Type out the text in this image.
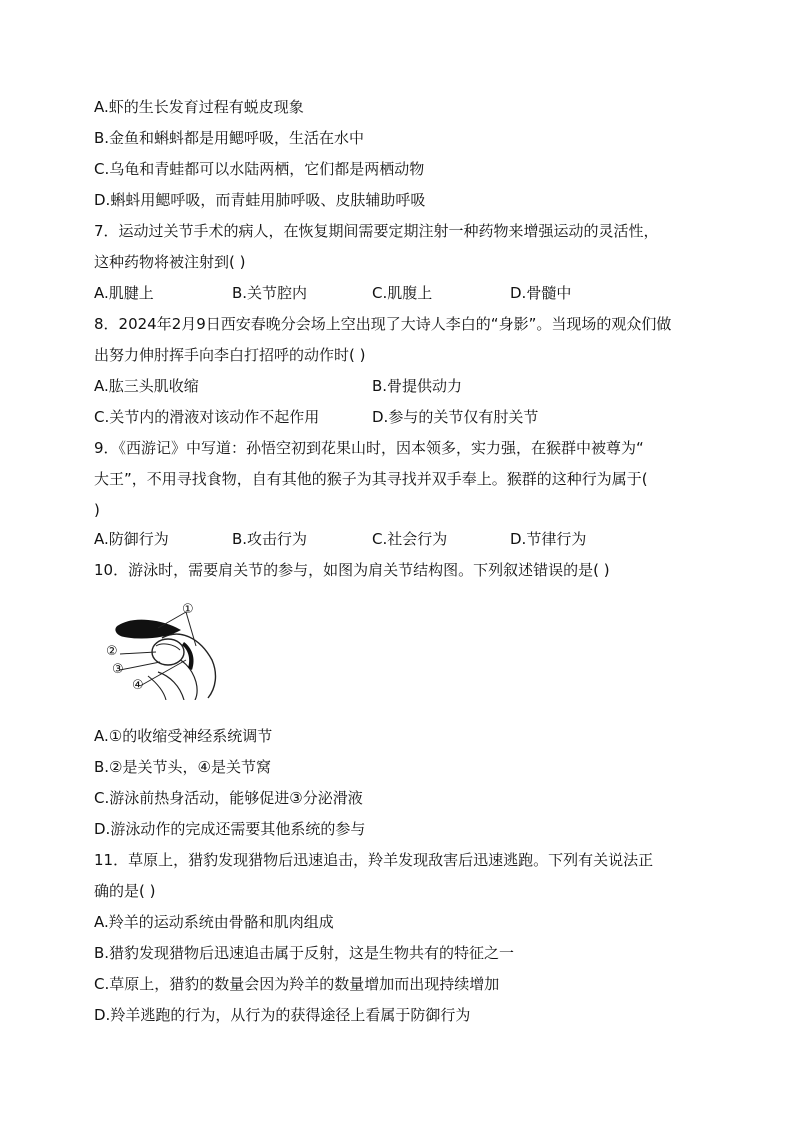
A.虾的生长发育过程有蜕皮现象
B.金鱼和蝌蚪都是用鳃呼吸，生活在水中
C.乌龟和青蛙都可以水陆两栖，它们都是两栖动物
D.蝌蚪用鳃呼吸，而青蛙用肺呼吸、皮肤辅助呼吸
7．运动过关节手术的病人，在恢复期间需要定期注射一种药物来增强运动的灵活性，
这种药物将被注射到( )
A.肌腱上	B.关节腔内	C.肌腹上	D.骨髓中
8．2024年2月9日西安春晚分会场上空出现了大诗人李白的“身影”。当现场的观众们做
出努力伸肘挥手向李白打招呼的动作时( )
A.肱三头肌收缩	B.骨提供动力
C.关节内的滑液对该动作不起作用	D.参与的关节仅有肘关节
9．《西游记》中写道：孙悟空初到花果山时，因本领多，实力强，在猴群中被尊为“
大王”，不用寻找食物，自有其他的猴子为其寻找并双手奉上。猴群的这种行为属于(
)
A.防御行为	B.攻击行为	C.社会行为	D.节律行为
10．游泳时，需要肩关节的参与，如图为肩关节结构图。下列叙述错误的是( )
①
②
③
④
A.①的收缩受神经系统调节
B.②是关节头，④是关节窝
C.游泳前热身活动，能够促进③分泌滑液
D.游泳动作的完成还需要其他系统的参与
11．草原上，猎豹发现猎物后迅速追击，羚羊发现敌害后迅速逃跑。下列有关说法正
确的是( )
A.羚羊的运动系统由骨骼和肌肉组成
B.猎豹发现猎物后迅速追击属于反射，这是生物共有的特征之一
C.草原上，猎豹的数量会因为羚羊的数量增加而出现持续增加
D.羚羊逃跑的行为，从行为的获得途径上看属于防御行为
